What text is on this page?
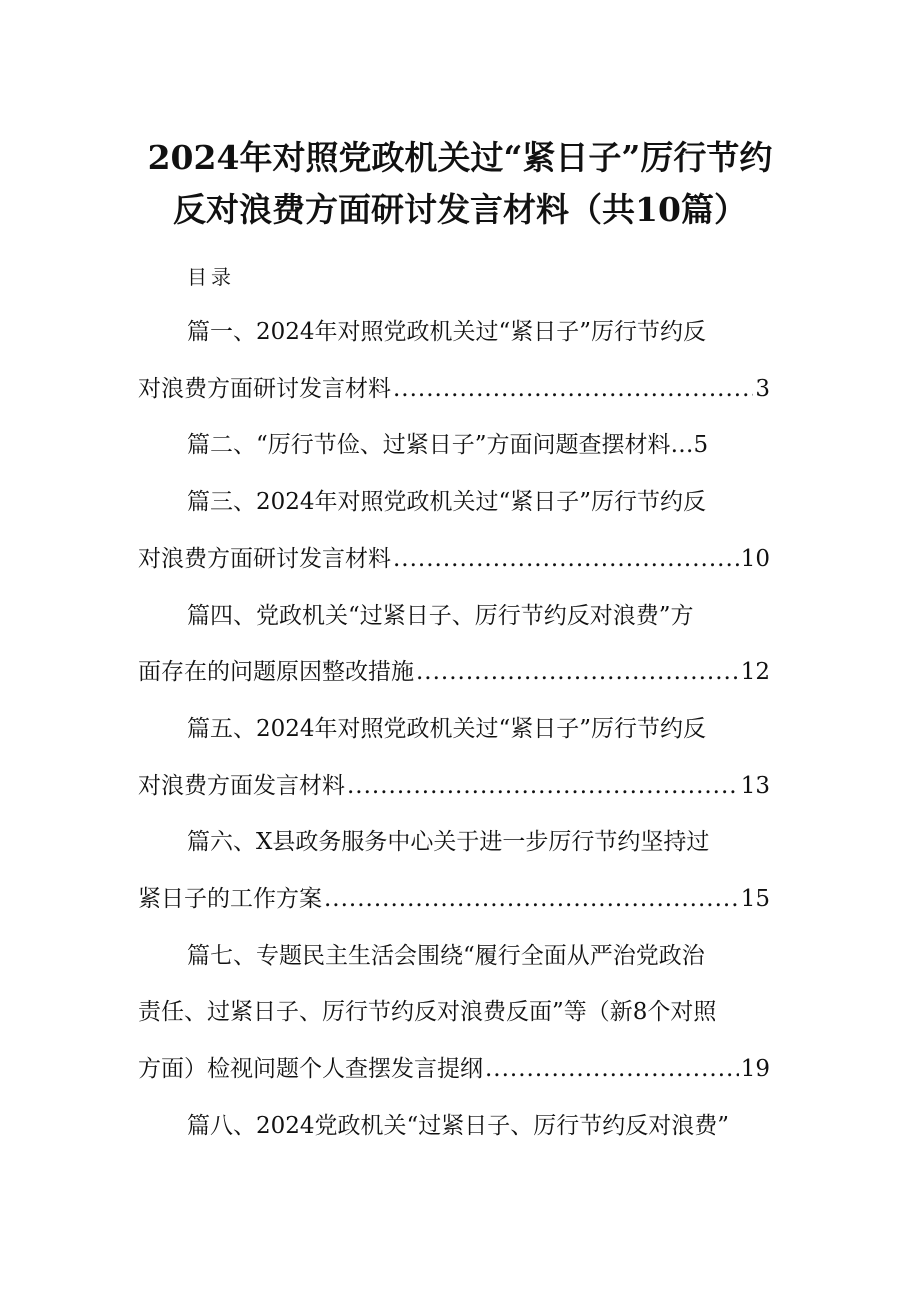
2024年对照党政机关过“紧日子”厉行节约
反对浪费方面研讨发言材料（共10篇）
目录
篇一、2024年对照党政机关过“紧日子”厉行节约反
对浪费方面研讨发言材料 .....	3
篇二、“厉行节俭、过紧日子”方面问题查摆材料…5
篇三、2024年对照党政机关过“紧日子”厉行节约反
对浪费方面研讨发言材料 .....	10
篇四、党政机关“过紧日子、厉行节约反对浪费”方
面存在的问题原因整改措施 .....	12
篇五、2024年对照党政机关过“紧日子”厉行节约反
对浪费方面发言材料 .....	13
篇六、X县政务服务中心关于进一步厉行节约坚持过
紧日子的工作方案 .....	15
篇七、专题民主生活会围绕“履行全面从严治党政治
责任、过紧日子、厉行节约反对浪费反面”等（新8个对照
方面）检视问题个人查摆发言提纲 .....	19
篇八、2024党政机关“过紧日子、厉行节约反对浪费”
